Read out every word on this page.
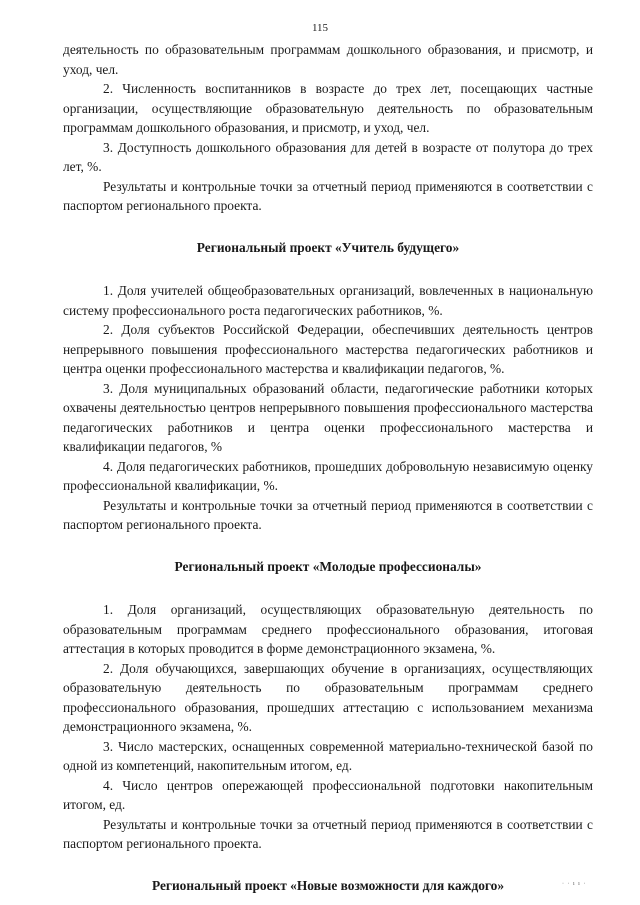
115

деятельность по образовательным программам дошкольного образования, и присмотр, и уход, чел.

2. Численность воспитанников в возрасте до трех лет, посещающих частные организации, осуществляющие образовательную деятельность по образовательным программам дошкольного образования, и присмотр, и уход, чел.

3. Доступность дошкольного образования для детей в возрасте от полутора до трех лет, %.

Результаты и контрольные точки за отчетный период применяются в соответствии с паспортом регионального проекта.

Региональный проект «Учитель будущего»

1. Доля учителей общеобразовательных организаций, вовлеченных в национальную систему профессионального роста педагогических работников, %.

2. Доля субъектов Российской Федерации, обеспечивших деятельность центров непрерывного повышения профессионального мастерства педагогических работников и центра оценки профессионального мастерства и квалификации педагогов, %.

3. Доля муниципальных образований области, педагогические работники которых охвачены деятельностью центров непрерывного повышения профессионального мастерства педагогических работников и центра оценки профессионального мастерства и квалификации педагогов, %

4. Доля педагогических работников, прошедших добровольную независимую оценку профессиональной квалификации, %.

Результаты и контрольные точки за отчетный период применяются в соответствии с паспортом регионального проекта.

Региональный проект «Молодые профессионалы»

1. Доля организаций, осуществляющих образовательную деятельность по образовательным программам среднего профессионального образования, итоговая аттестация в которых проводится в форме демонстрационного экзамена, %.

2. Доля обучающихся, завершающих обучение в организациях, осуществляющих образовательную деятельность по образовательным программам среднего профессионального образования, прошедших аттестацию с использованием механизма демонстрационного экзамена, %.

3. Число мастерских, оснащенных современной материально-технической базой по одной из компетенций, накопительным итогом, ед.

4. Число центров опережающей профессиональной подготовки накопительным итогом, ед.

Результаты и контрольные точки за отчетный период применяются в соответствии с паспортом регионального проекта.

Региональный проект «Новые возможности для каждого»	· · ı ı ·
